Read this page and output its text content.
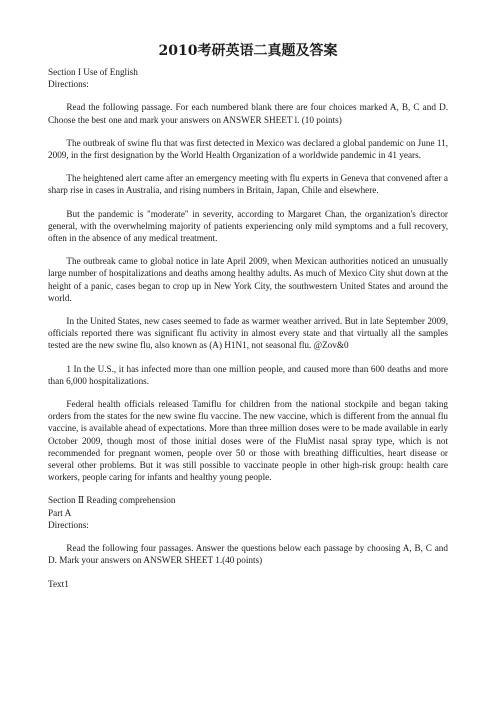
2010考研英语二真题及答案

Section I Use of English

Directions:

Read the following passage. For each numbered blank there are four choices marked A, B, C and D. Choose the best one and mark your answers on ANSWER SHEET l. (10 points)

The outbreak of swine flu that was first detected in Mexico was declared a global pandemic on June 11, 2009, in the first designation by the World Health Organization of a worldwide pandemic in 41 years.

The heightened alert came after an emergency meeting with flu experts in Geneva that convened after a sharp rise in cases in Australia, and rising numbers in Britain, Japan, Chile and elsewhere.

But the pandemic is "moderate" in severity, according to Margaret Chan, the organization's director general, with the overwhelming majority of patients experiencing only mild symptoms and a full recovery, often in the absence of any medical treatment.

The outbreak came to global notice in late April 2009, when Mexican authorities noticed an unusually large number of hospitalizations and deaths among healthy adults. As much of Mexico City shut down at the height of a panic, cases began to crop up in New York City, the southwestern United States and around the world.

In the United States, new cases seemed to fade as warmer weather arrived. But in late September 2009, officials reported there was significant flu activity in almost every state and that virtually all the samples tested are the new swine flu, also known as (A) H1N1, not seasonal flu. @Zov&0

1 In the U.S., it has infected more than one million people, and caused more than 600 deaths and more than 6,000 hospitalizations.

Federal health officials released Tamiflu for children from the national stockpile and began taking orders from the states for the new swine flu vaccine. The new vaccine, which is different from the annual flu vaccine, is available ahead of expectations. More than three million doses were to be made available in early October 2009, though most of those initial doses were of the FluMist nasal spray type, which is not recommended for pregnant women, people over 50 or those with breathing difficulties, heart disease or several other problems. But it was still possible to vaccinate people in other high-risk group: health care workers, people caring for infants and healthy young people.

Section Ⅱ Reading comprehension

Part A

Directions:

Read the following four passages. Answer the questions below each passage by choosing A, B, C and D. Mark your answers on ANSWER SHEET 1.(40 points)

Text1
